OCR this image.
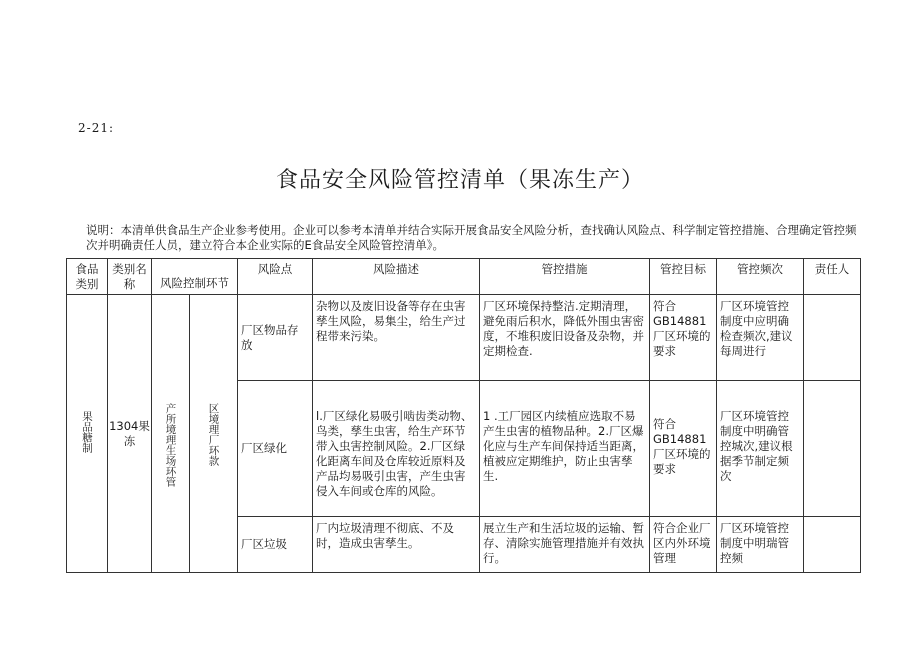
2-21:
食品安全风险管控清单（果冻生产）
说明：本清单供食品生产企业参考使用。企业可以参考本清单并结合实际开展食品安全风险分析，查找确认风险点、科学制定管控措施、合理确定管控频次并明确责任人员，建立符合本企业实际的E食品安全风险管控清单》。
食品类别	类别名称	风险控制环节		风险点	风险描述	管控措施	管控目标	管控频次	责任人
果品糖制	1304果冻	产所境理生场环管	区境理厂环款	厂区物品存放	杂物以及废旧设备等存在虫害孳生风险，易集尘，给生产过程带来污染。	厂区环境保持整洁.定期清理，避免雨后积水，降低外围虫害密度，不堆积废旧设备及杂物，并定期检查.	符合GB14881厂区环境的要求	厂区环境管控制度中应明确检查频次,建议每周进行	
				厂区绿化	l.厂区绿化易吸引啮齿类动物、鸟类，孳生虫害，给生产环节带入虫害控制风险。2.厂区绿化距离车间及仓库较近原料及产品均易吸引虫害，产生虫害侵入车间或仓库的风险。	1 .工厂园区内续植应选取不易产生虫害的植物品种。2.厂区爆化应与生产车间保持适当距离，植被应定期维护，防止虫害孳生.	符合GB14881厂区环境的要求	厂区环境管控制度中明确管控城次,建议根据季节制定频次	
				厂区垃圾	厂内垃圾清理不彻底、不及时，造成虫害孳生。	展立生产和生活垃圾的运输、暂存、清除实施管理措施并有效执行。	符合企业厂区内外环境管理	厂区环境管控制度中明瑞管控频	
